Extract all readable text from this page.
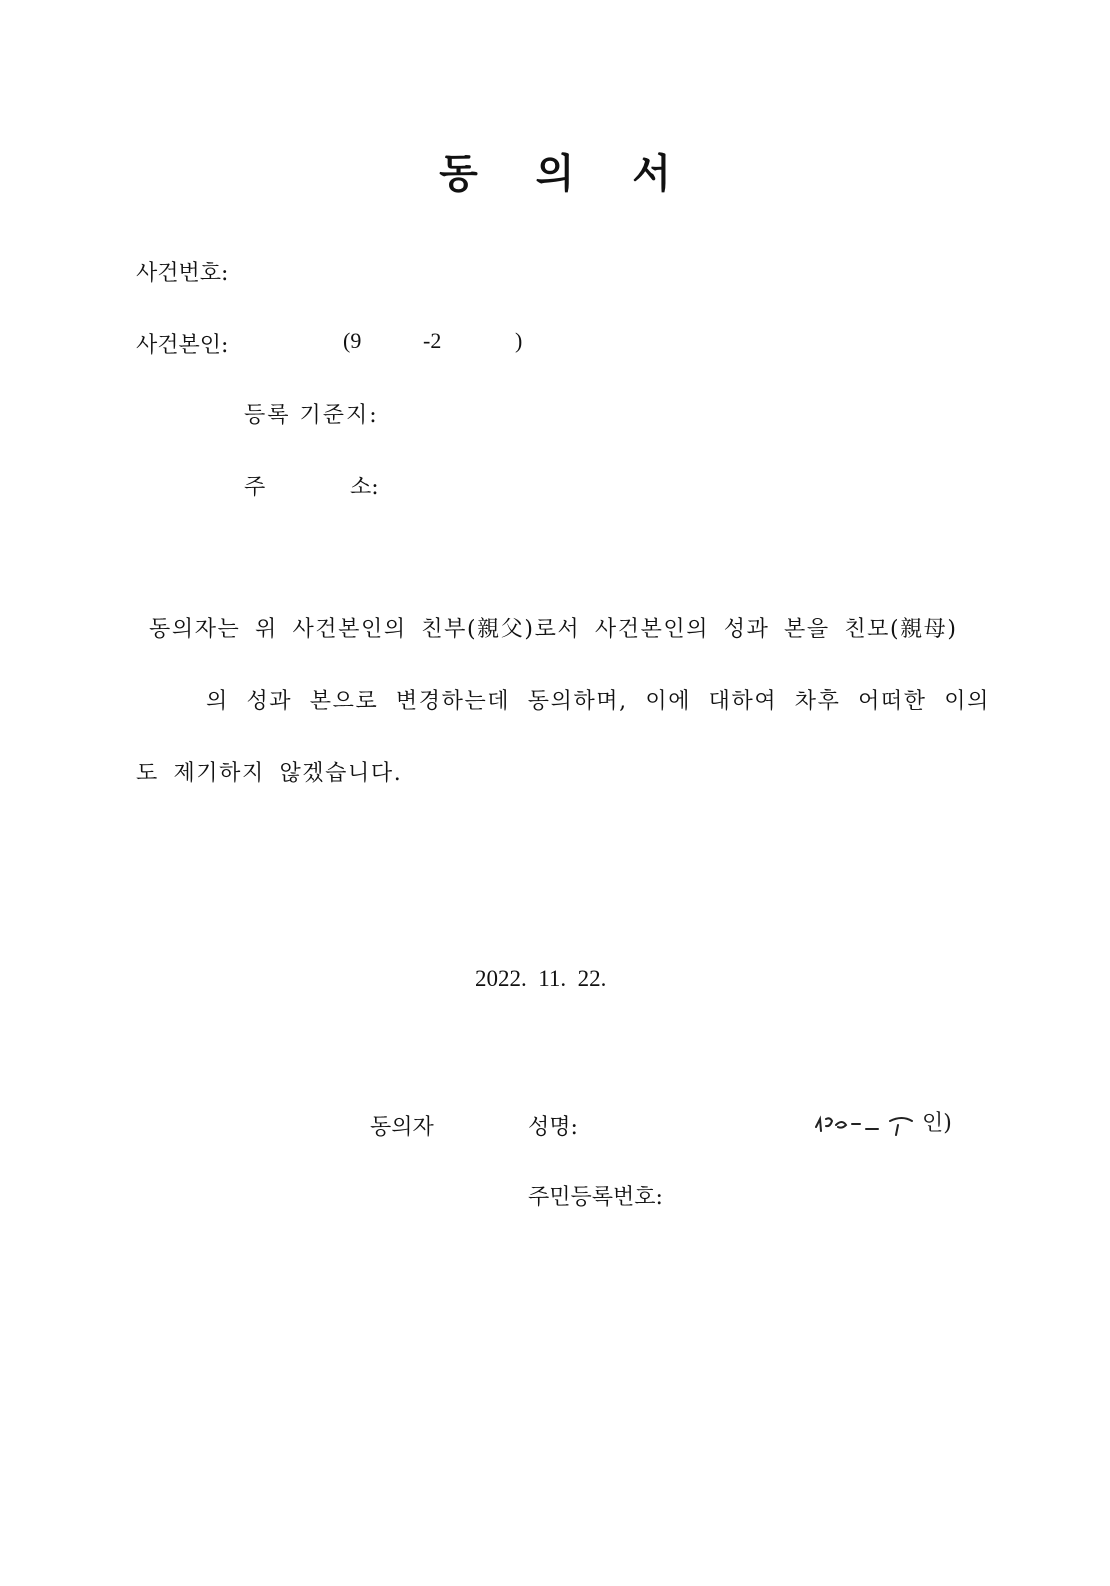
동 의 서
사건번호:
사건본인:	(9	-2	)
등록 기준지:
주	소:
동의자는 위 사건본인의 친부(親父)로서 사건본인의 성과 본을 친모(親母)
의 성과 본으로 변경하는데 동의하며, 이에 대하여 차후 어떠한 이의
도 제기하지 않겠습니다.
2022.  11.  22.
동의자	성명:	인)
주민등록번호:
